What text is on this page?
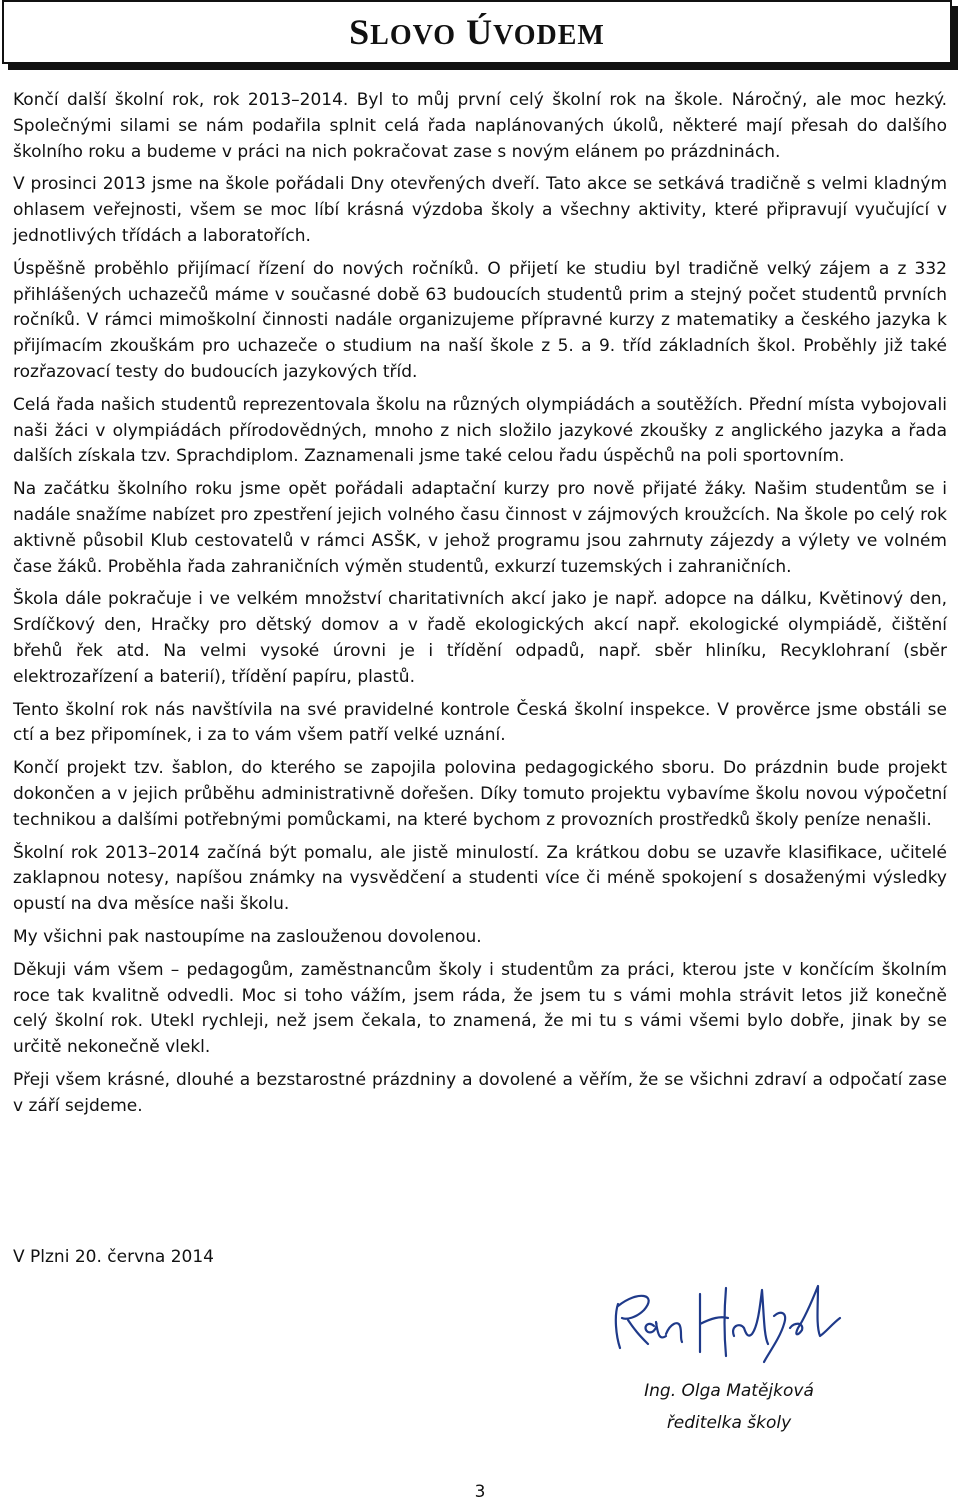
SLOVO ÚVODEM

Končí další školní rok, rok 2013–2014. Byl to můj první celý školní rok na škole. Náročný, ale moc hezký. Společnými silami se nám podařila splnit celá řada naplánovaných úkolů, některé mají přesah do dalšího školního roku a budeme v práci na nich pokračovat zase s novým elánem po prázdninách.

V prosinci 2013 jsme na škole pořádali Dny otevřených dveří. Tato akce se setkává tradičně s velmi kladným ohlasem veřejnosti, všem se moc líbí krásná výzdoba školy a všechny aktivity, které připravují vyučující v jednotlivých třídách a laboratořích.

Úspěšně proběhlo přijímací řízení do nových ročníků. O přijetí ke studiu byl tradičně velký zájem a z 332 přihlášených uchazečů máme v současné době 63 budoucích studentů prim a stejný počet studentů prvních ročníků. V rámci mimoškolní činnosti nadále organizujeme přípravné kurzy z matematiky a českého jazyka k přijímacím zkouškám pro uchazeče o studium na naší škole z 5. a 9. tříd základních škol. Proběhly již také rozřazovací testy do budoucích jazykových tříd.

Celá řada našich studentů reprezentovala školu na různých olympiádách a soutěžích. Přední místa vybojovali naši žáci v olympiádách přírodovědných, mnoho z nich složilo jazykové zkoušky z anglického jazyka a řada dalších získala tzv. Sprachdiplom. Zaznamenali jsme také celou řadu úspěchů na poli sportovním.

Na začátku školního roku jsme opět pořádali adaptační kurzy pro nově přijaté žáky. Našim studentům se i nadále snažíme nabízet pro zpestření jejich volného času činnost v zájmových kroužcích. Na škole po celý rok aktivně působil Klub cestovatelů v rámci ASŠK, v jehož programu jsou zahrnuty zájezdy a výlety ve volném čase žáků. Proběhla řada zahraničních výměn studentů, exkurzí tuzemských i zahraničních.

Škola dále pokračuje i ve velkém množství charitativních akcí jako je např. adopce na dálku, Květinový den, Srdíčkový den, Hračky pro dětský domov a v řadě ekologických akcí např. ekologické olympiádě, čištění břehů řek atd. Na velmi vysoké úrovni je i třídění odpadů, např. sběr hliníku, Recyklohraní (sběr elektrozařízení a baterií), třídění papíru, plastů.

Tento školní rok nás navštívila na své pravidelné kontrole Česká školní inspekce. V prověrce jsme obstáli se ctí a bez připomínek, i za to vám všem patří velké uznání.

Končí projekt tzv. šablon, do kterého se zapojila polovina pedagogického sboru. Do prázdnin bude projekt dokončen a v jejich průběhu administrativně dořešen. Díky tomuto projektu vybavíme školu novou výpočetní technikou a dalšími potřebnými pomůckami, na které bychom z provozních prostředků školy peníze nenašli.

Školní rok 2013–2014 začíná být pomalu, ale jistě minulostí. Za krátkou dobu se uzavře klasifikace, učitelé zaklapnou notesy, napíšou známky na vysvědčení a studenti více či méně spokojení s dosaženými výsledky opustí na dva měsíce naši školu.

My všichni pak nastoupíme na zaslouženou dovolenou.

Děkuji vám všem – pedagogům, zaměstnancům školy i studentům za práci, kterou jste v končícím školním roce tak kvalitně odvedli. Moc si toho vážím, jsem ráda, že jsem tu s vámi mohla strávit letos již konečně celý školní rok. Utekl rychleji, než jsem čekala, to znamená, že mi tu s vámi všemi bylo dobře, jinak by se určitě nekonečně vlekl.

Přeji všem krásné, dlouhé a bezstarostné prázdniny a dovolené a věřím, že se všichni zdraví a odpočatí zase v září sejdeme.

V Plzni 20. června 2014

Ing. Olga Matějková
ředitelka školy
3
